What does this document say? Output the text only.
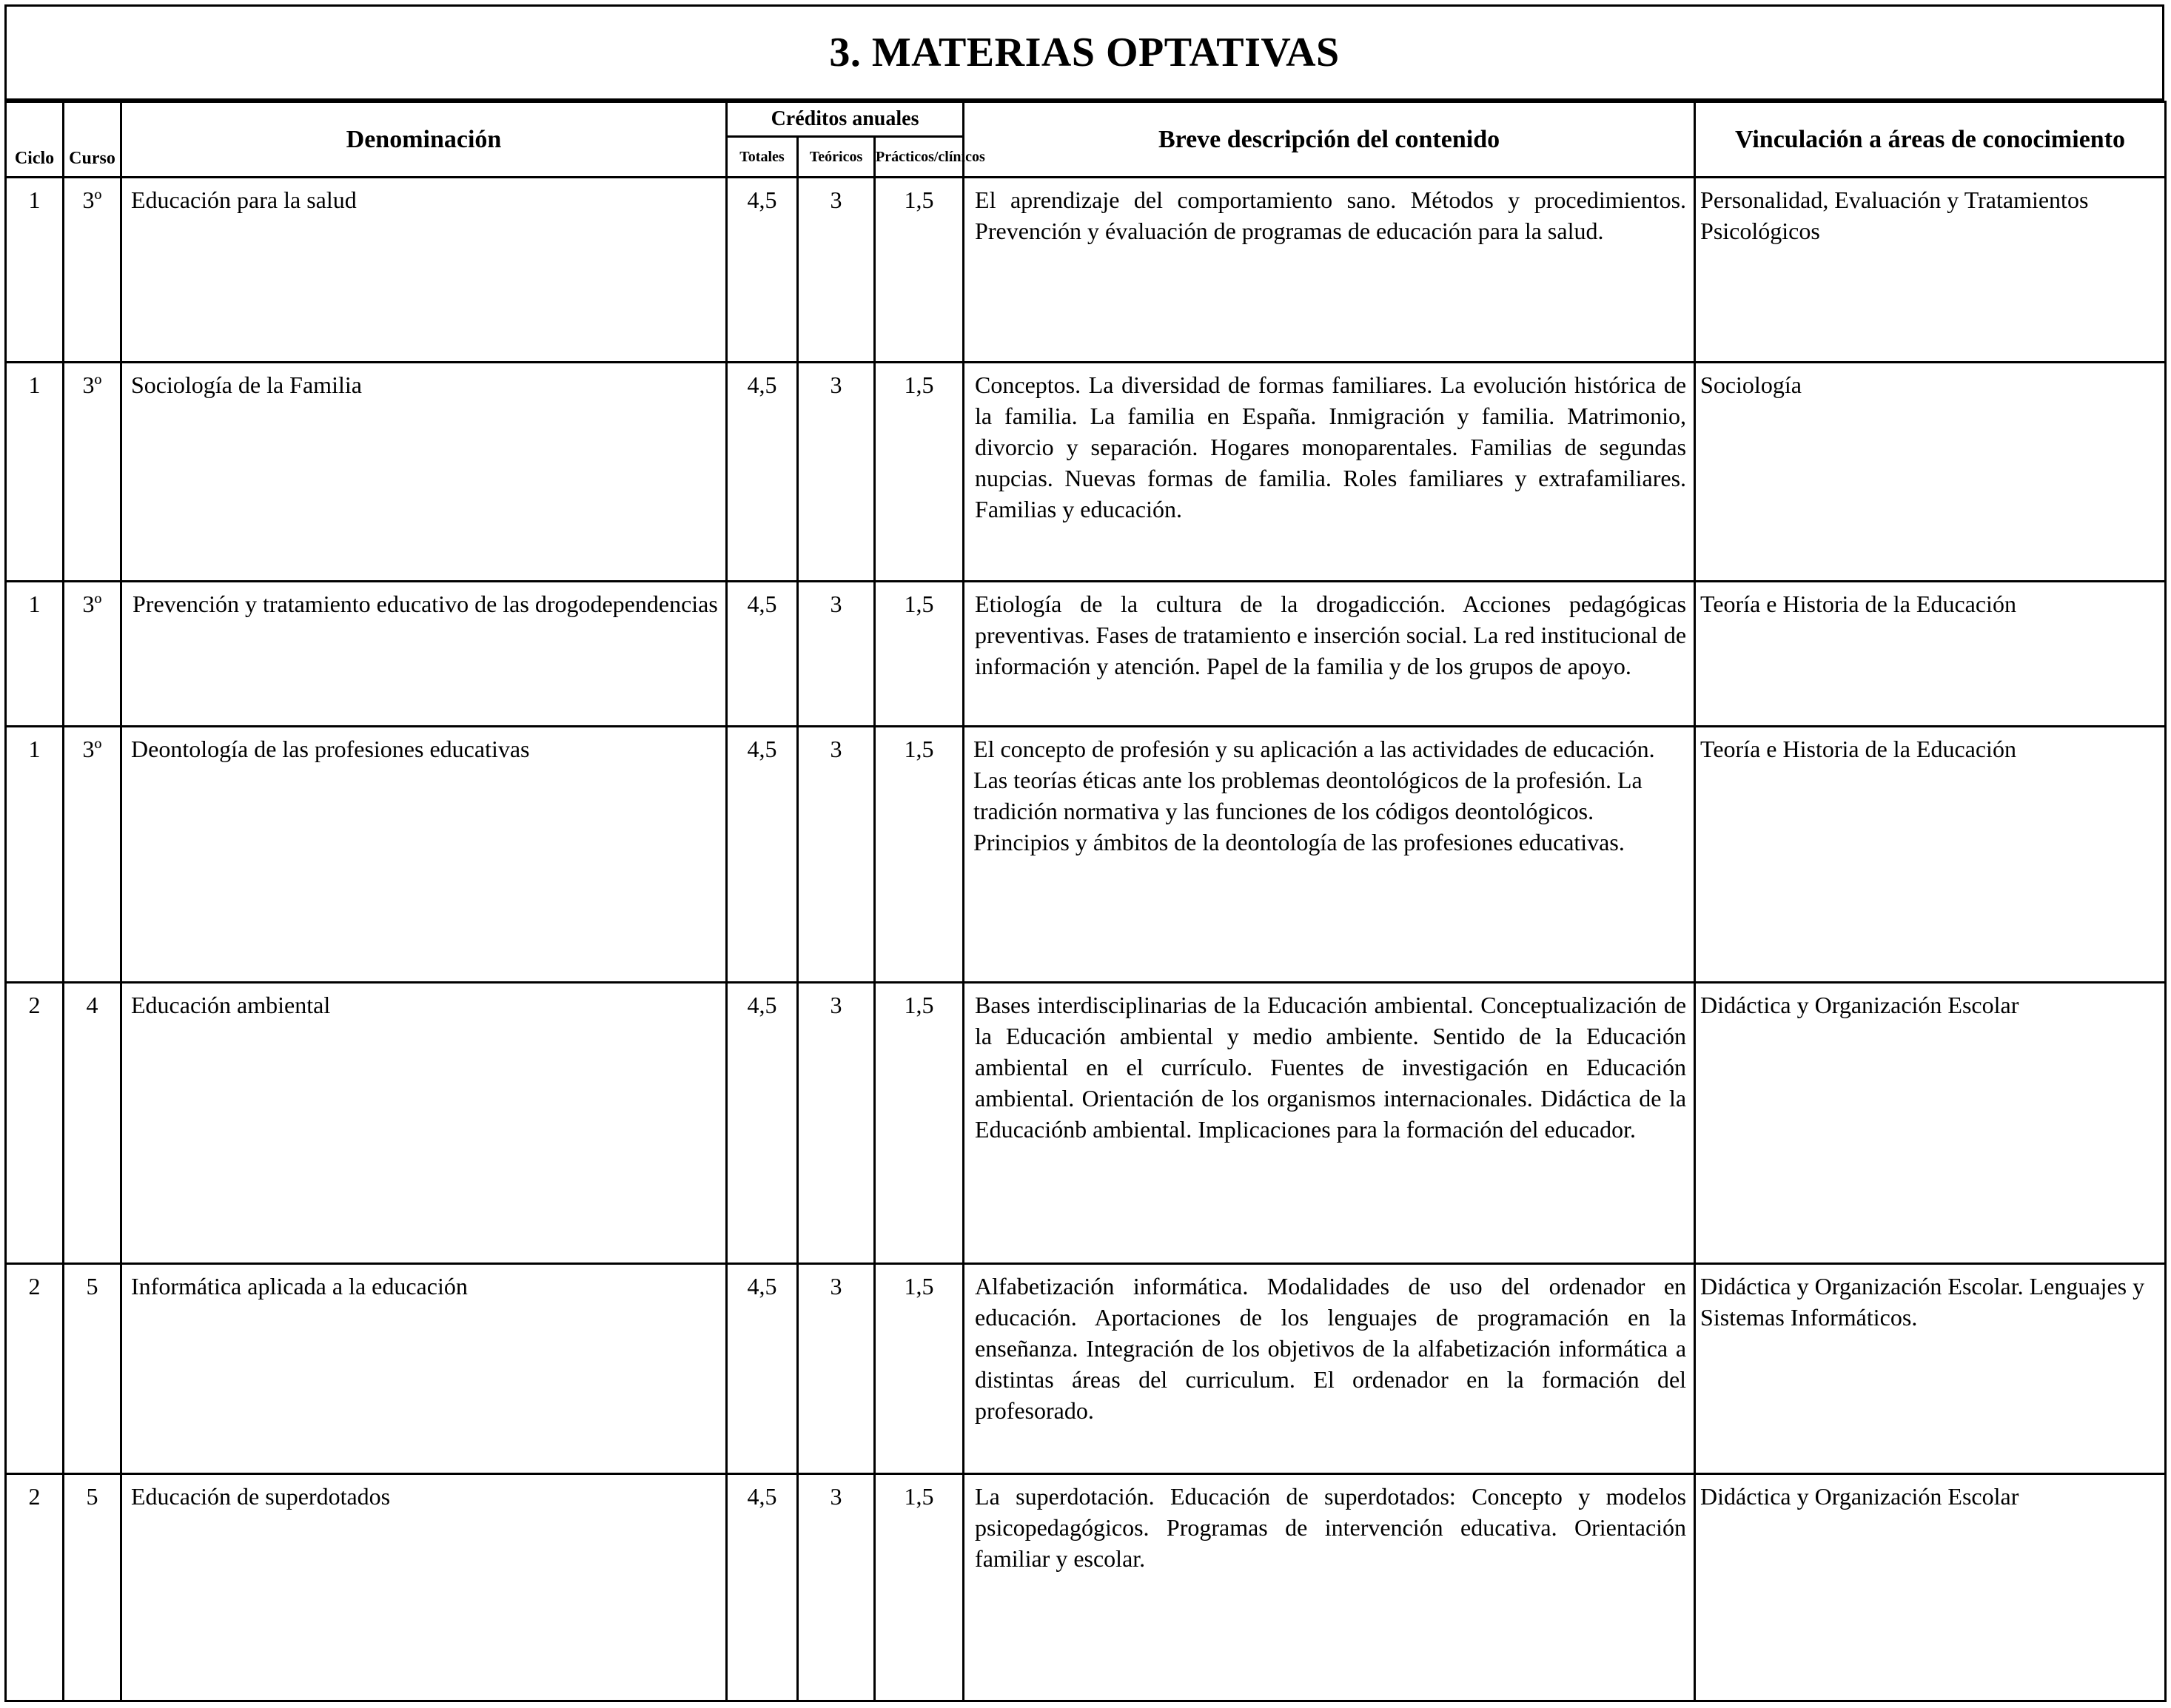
3. MATERIAS OPTATIVAS
Ciclo	Curso	Denominación	Créditos anuales			Breve descripción del contenido	Vinculación a áreas de conocimiento
			Totales	Teóricos	Prácticos/clínicos		
1	3º	Educación para la salud	4,5	3	1,5	El aprendizaje del comportamiento sano. Métodos y procedimientos. Prevención y évaluación de programas de educación para la salud.	Personalidad, Evaluación y Tratamientos Psicológicos
1	3º	Sociología de la Familia	4,5	3	1,5	Conceptos. La diversidad de formas familiares. La evolución histórica de la familia. La familia en España. Inmigración y familia. Matrimonio, divorcio y separación. Hogares monoparentales. Familias de segundas nupcias. Nuevas formas de familia. Roles familiares y extrafamiliares. Familias y educación.	Sociología
1	3º	Prevención y tratamiento educativo de las drogodependencias	4,5	3	1,5	Etiología de la cultura de la drogadicción. Acciones pedagógicas preventivas. Fases de tratamiento e inserción social. La red institucional de información y atención. Papel de la familia y de los grupos de apoyo.	Teoría e Historia de la Educación
1	3º	Deontología de las profesiones educativas	4,5	3	1,5	El concepto de profesión y su aplicación a las actividades de educación. Las teorías éticas ante los problemas deontológicos de la profesión. La tradición normativa y las funciones de los códigos deontológicos. Principios y ámbitos de la deontología de las profesiones educativas.	Teoría e Historia de la Educación
2	4	Educación ambiental	4,5	3	1,5	Bases interdisciplinarias de la Educación ambiental. Conceptualización de la Educación ambiental y medio ambiente. Sentido de la Educación ambiental en el currículo. Fuentes de investigación en Educación ambiental. Orientación de los organismos internacionales. Didáctica de la Educaciónb ambiental. Implicaciones para la formación del educador.	Didáctica y Organización Escolar
2	5	Informática aplicada a la educación	4,5	3	1,5	Alfabetización informática. Modalidades de uso del ordenador en educación. Aportaciones de los lenguajes de programación en la enseñanza. Integración de los objetivos de la alfabetización informática a distintas áreas del curriculum. El ordenador en la formación del profesorado.	Didáctica y Organización Escolar. Lenguajes y Sistemas Informáticos.
2	5	Educación de superdotados	4,5	3	1,5	La superdotación. Educación de superdotados: Concepto y modelos psicopedagógicos. Programas de intervención educativa. Orientación familiar y escolar.	Didáctica y Organización Escolar
